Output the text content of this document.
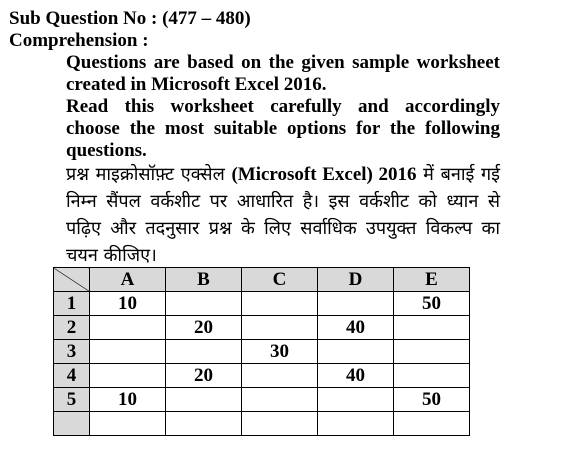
Sub Question No : (477 – 480)
Comprehension :
Questions are based on the given sample worksheet created in Microsoft Excel 2016.
Read this worksheet carefully and accordingly choose the most suitable options for the following questions.
प्रश्न माइक्रोसॉफ़्ट एक्सेल (Microsoft Excel) 2016 में बनाई गई निम्न सैंपल वर्कशीट पर आधारित है। इस वर्कशीट को ध्यान से पढ़िए और तदनुसार प्रश्न के लिए सर्वाधिक उपयुक्त विकल्प का चयन कीजिए।
	A	B	C	D	E
1	10				50
2		20		40	
3			30		
4		20		40	
5	10				50
